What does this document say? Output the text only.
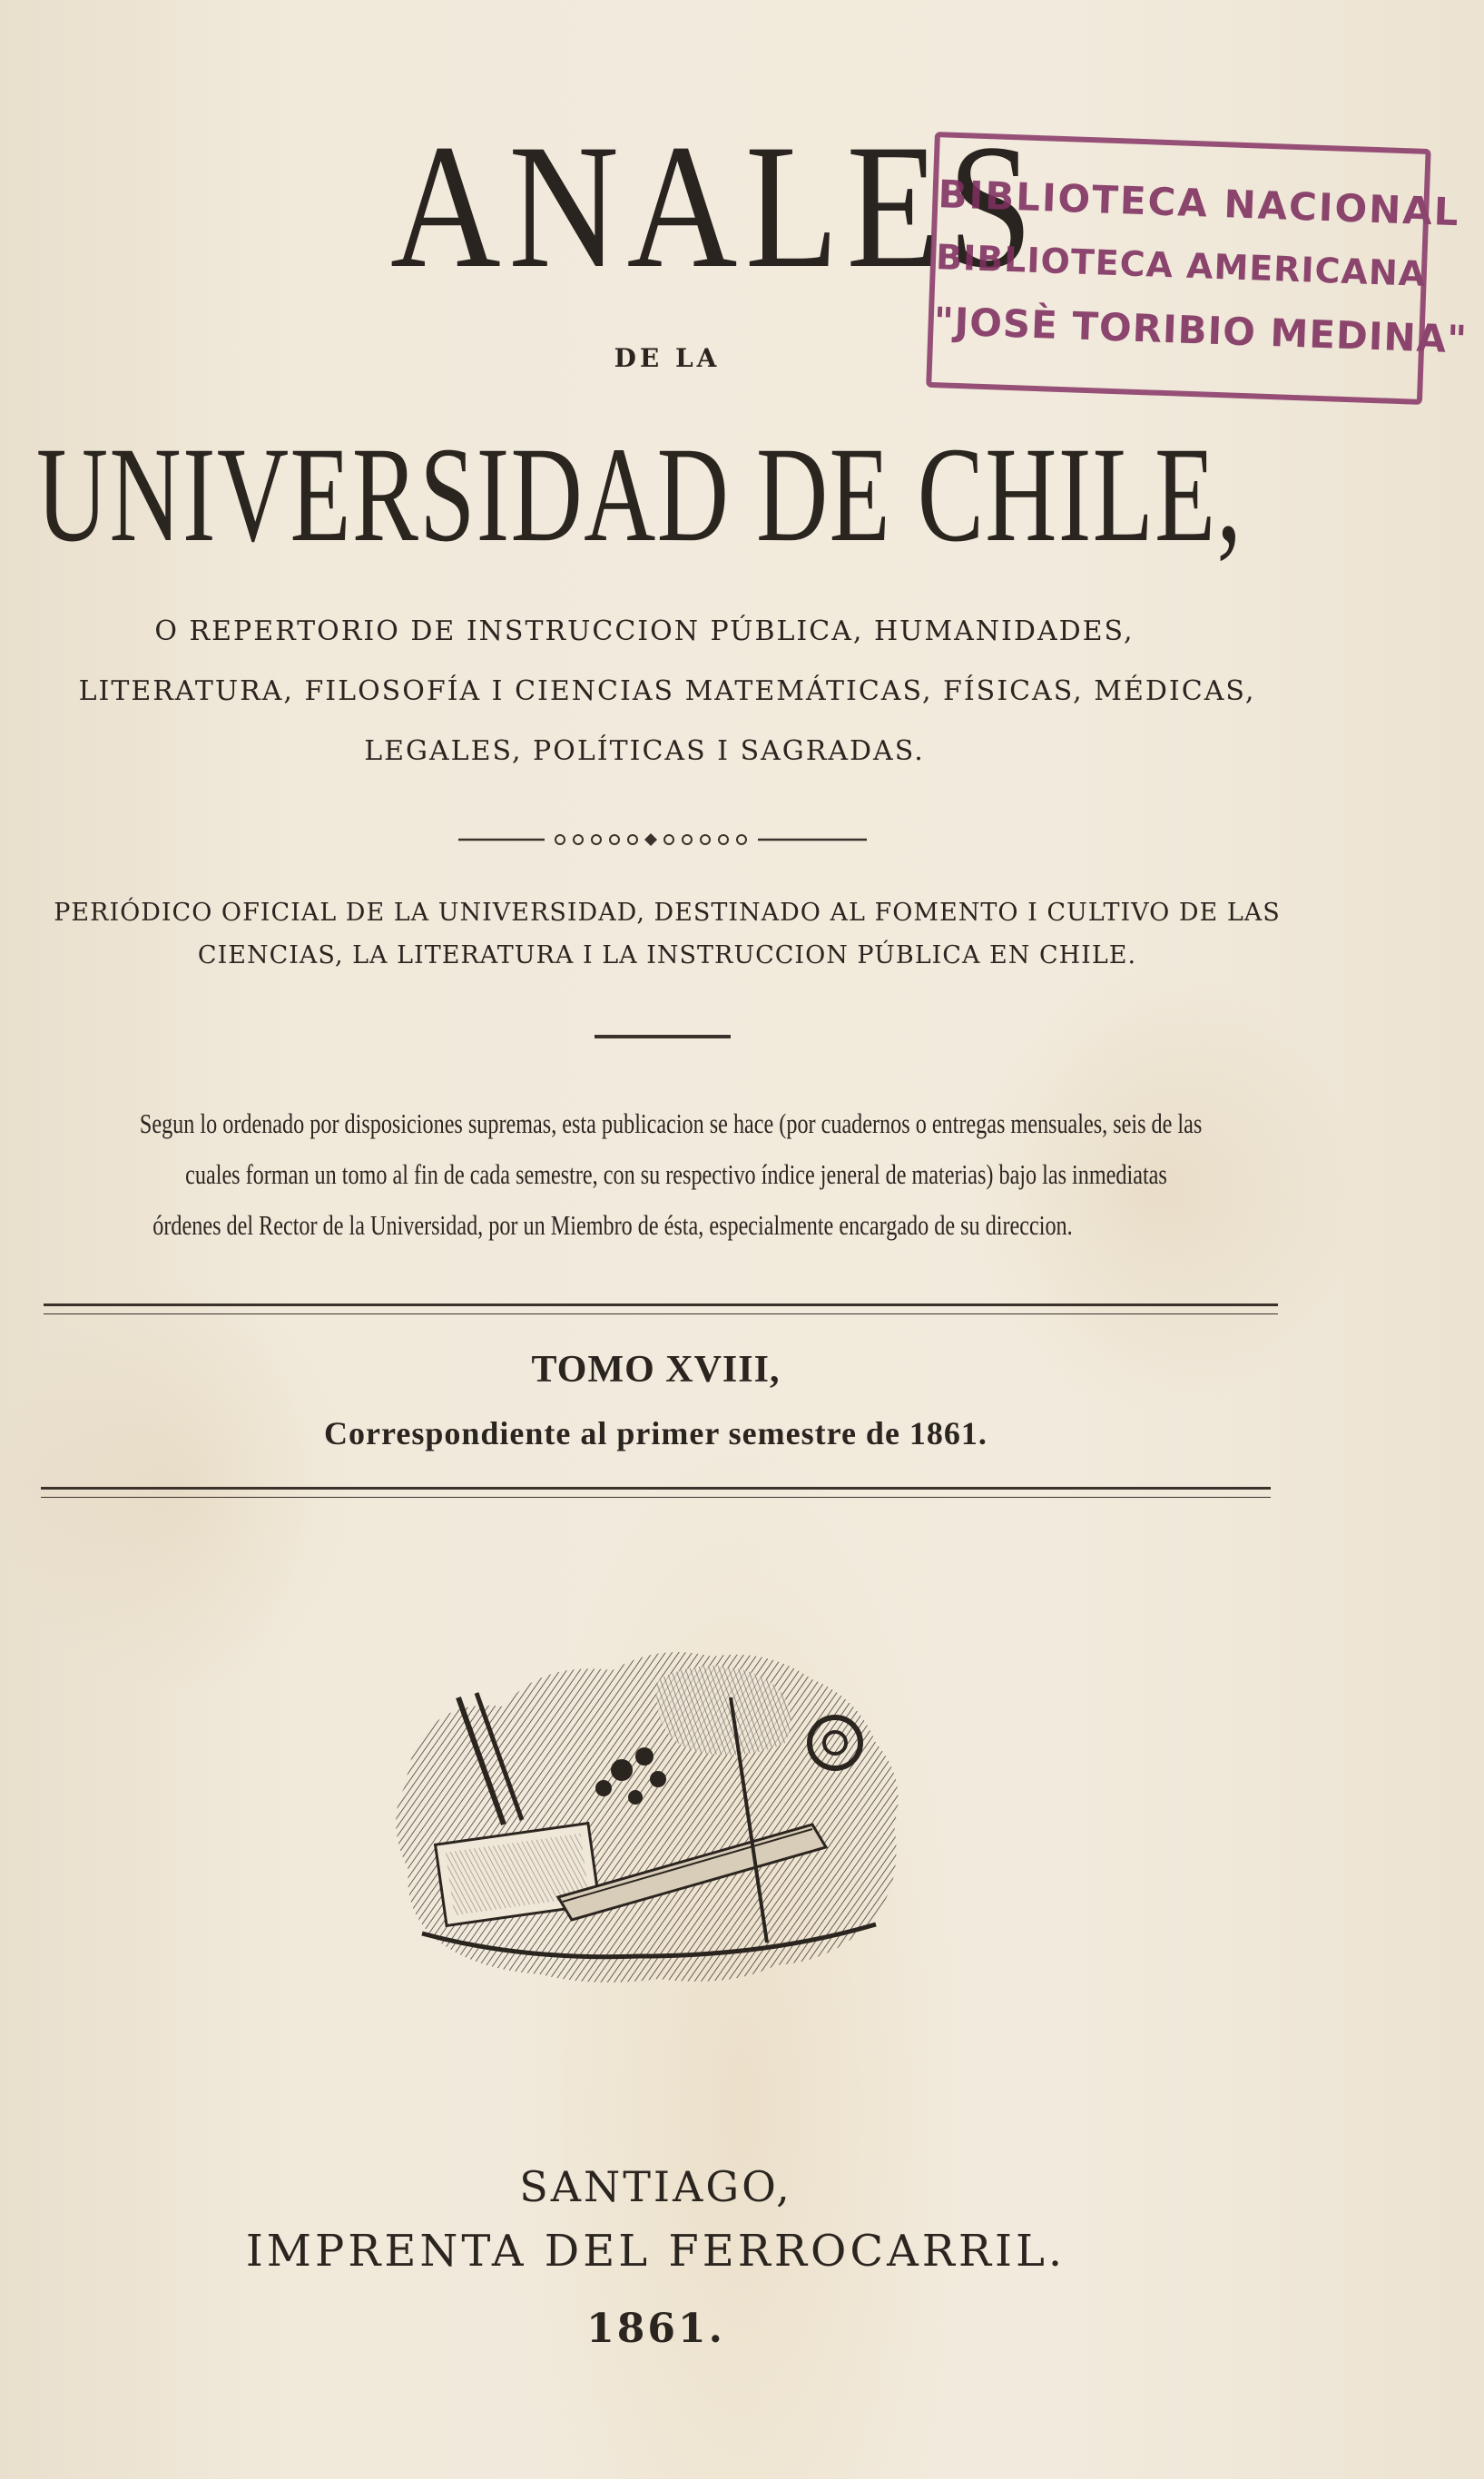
ANALES
DE LA
UNIVERSIDAD DE CHILE,
O REPERTORIO DE INSTRUCCION PÚBLICA, HUMANIDADES,
LITERATURA, FILOSOFÍA I CIENCIAS MATEMÁTICAS, FÍSICAS, MÉDICAS,
LEGALES, POLÍTICAS I SAGRADAS.
PERIÓDICO OFICIAL DE LA UNIVERSIDAD, DESTINADO AL FOMENTO I CULTIVO DE LAS
CIENCIAS, LA LITERATURA I LA INSTRUCCION PÚBLICA EN CHILE.
Segun lo ordenado por disposiciones supremas, esta publicacion se hace (por cuadernos o entregas mensuales, seis de las
cuales forman un tomo al fin de cada semestre, con su respectivo índice jeneral de materias) bajo las inmediatas
órdenes del Rector de la Universidad, por un Miembro de ésta, especialmente encargado de su direccion.
TOMO XVIII,
Correspondiente al primer semestre de 1861.
SANTIAGO,
IMPRENTA DEL FERROCARRIL.
1861.
BIBLIOTECA NACIONAL
BIBLIOTECA AMERICANA
"JOSÈ TORIBIO MEDINA"
